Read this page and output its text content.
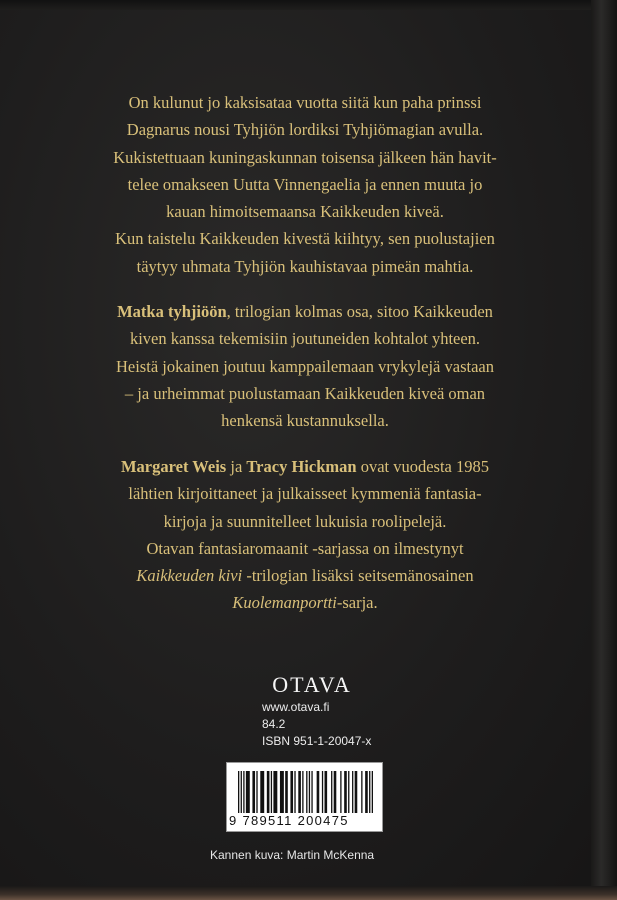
On kulunut jo kaksisataa vuotta siitä kun paha prinssi

Dagnarus nousi Tyhjiön lordiksi Tyhjiömagian avulla.

Kukistettuaan kuningaskunnan toisensa jälkeen hän havit-

telee omakseen Uutta Vinnengaelia ja ennen muuta jo

kauan himoitsemaansa Kaikkeuden kiveä.

Kun taistelu Kaikkeuden kivestä kiihtyy, sen puolustajien

täytyy uhmata Tyhjiön kauhistavaa pimeän mahtia.

Matka tyhjiöön, trilogian kolmas osa, sitoo Kaikkeuden

kiven kanssa tekemisiin joutuneiden kohtalot yhteen.

Heistä jokainen joutuu kamppailemaan vrykylejä vastaan

– ja urheimmat puolustamaan Kaikkeuden kiveä oman

henkensä kustannuksella.

Margaret Weis ja Tracy Hickman ovat vuodesta 1985

lähtien kirjoittaneet ja julkaisseet kymmeniä fantasia-

kirjoja ja suunnitelleet lukuisia roolipelejä.

Otavan fantasiaromaanit -sarjassa on ilmestynyt

Kaikkeuden kivi -trilogian lisäksi seitsemänosainen

Kuolemanportti-sarja.

OTAVA
www.otava.fi
84.2
ISBN 951-1-20047-x
9 789511 200475
Kannen kuva: Martin McKenna
